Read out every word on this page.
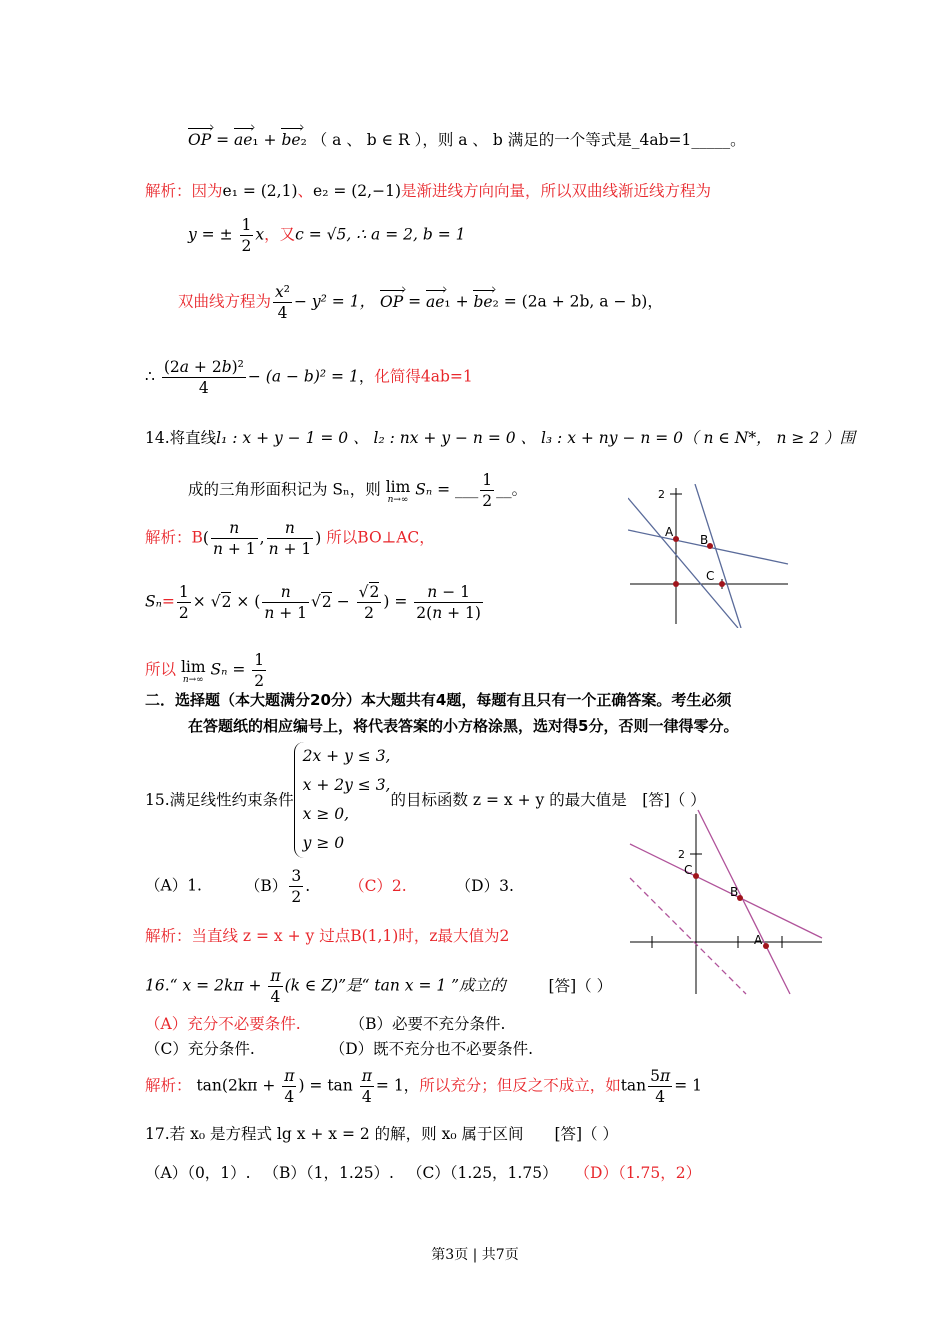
OP = ae₁ + be₂ （ a 、 b ∈ R ），则 a 、 b 满足的一个等式是_4ab=1_____。
解析：因为e₁ = (2,1)、e₂ = (2,−1)是渐进线方向向量，所以双曲线渐近线方程为
y = ± $\frac{1}{2}$ x，又c = √5, ∴ a = 2, b = 1
双曲线方程为 $\frac{\text{x²}}{4} - y^2 = 1$， OP = ae₁ + be₂ = (2a + 2b, a − b)，
∴ $\frac{\text{(2a + 2b)²}}{4} - (a - b)^2 = 1$，化简得4ab=1
14.将直线l₁ : x + y − 1 = 0 、 l₂ : nx + y − n = 0 、 l₃ : x + ny − n = 0（ n ∈ N*， n ≥ 2 ）围
成的三角形面积记为 Sₙ，则 lim
n→∞
Sₙ = ___ $\frac{1}{2}$ __。
解析：$B( \frac{n}{n + 1}$ , $\frac{n}{n + 1}$ ) 所以BO⊥AC，
$S_n= \frac{1}{2} \times √2$ × ( $\frac{n}{n + 1} √2 - \frac{√2}{2}$ ) = $\frac{n - 1}{2(n + 1)}$
所以 lim
n→∞
$S_n = \frac{1}{2}$
2
A
B
C
二．选择题（本大题满分20分）本大题共有4题，每题有且只有一个正确答案。考生必须
在答题纸的相应编号上，将代表答案的小方格涂黑，选对得5分，否则一律得零分。
15.满足线性约束条件
2x + y ≤ 3,
x + 2y ≤ 3,
x ≥ 0,
y ≥ 0
的目标函数 z = x + y 的最大值是　[答]（ ）
（A）1.	$(B) \frac{3}{2}$ .	（C）2.	（D）3.
解析：当直线 z = x + y 过点B(1,1)时，z最大值为2
2
C
B
A
16.“ $x = 2k\pi + \frac{\pi}{4} (k$ ∈ Z)”是“ tan x = 1 ”成立的	[答]（ ）
（A）充分不必要条件.	（B）必要不充分条件.
（C）充分条件.	（D）既不充分也不必要条件.
解析： $\tan(2k\pi + \frac{\pi}{4}$ ) = $\tan \frac{\pi}{4} = 1$，所以充分；但反之不成立，如$\tan \frac{5\pi}{4} = 1$
17.若 x₀ 是方程式 lg x + x = 2 的解，则 x₀ 属于区间　　[答]（ ）
（A）（0，1）. （B）（1，1.25）. （C）（1.25，1.75） （D）（1.75，2）
第3页 | 共7页
